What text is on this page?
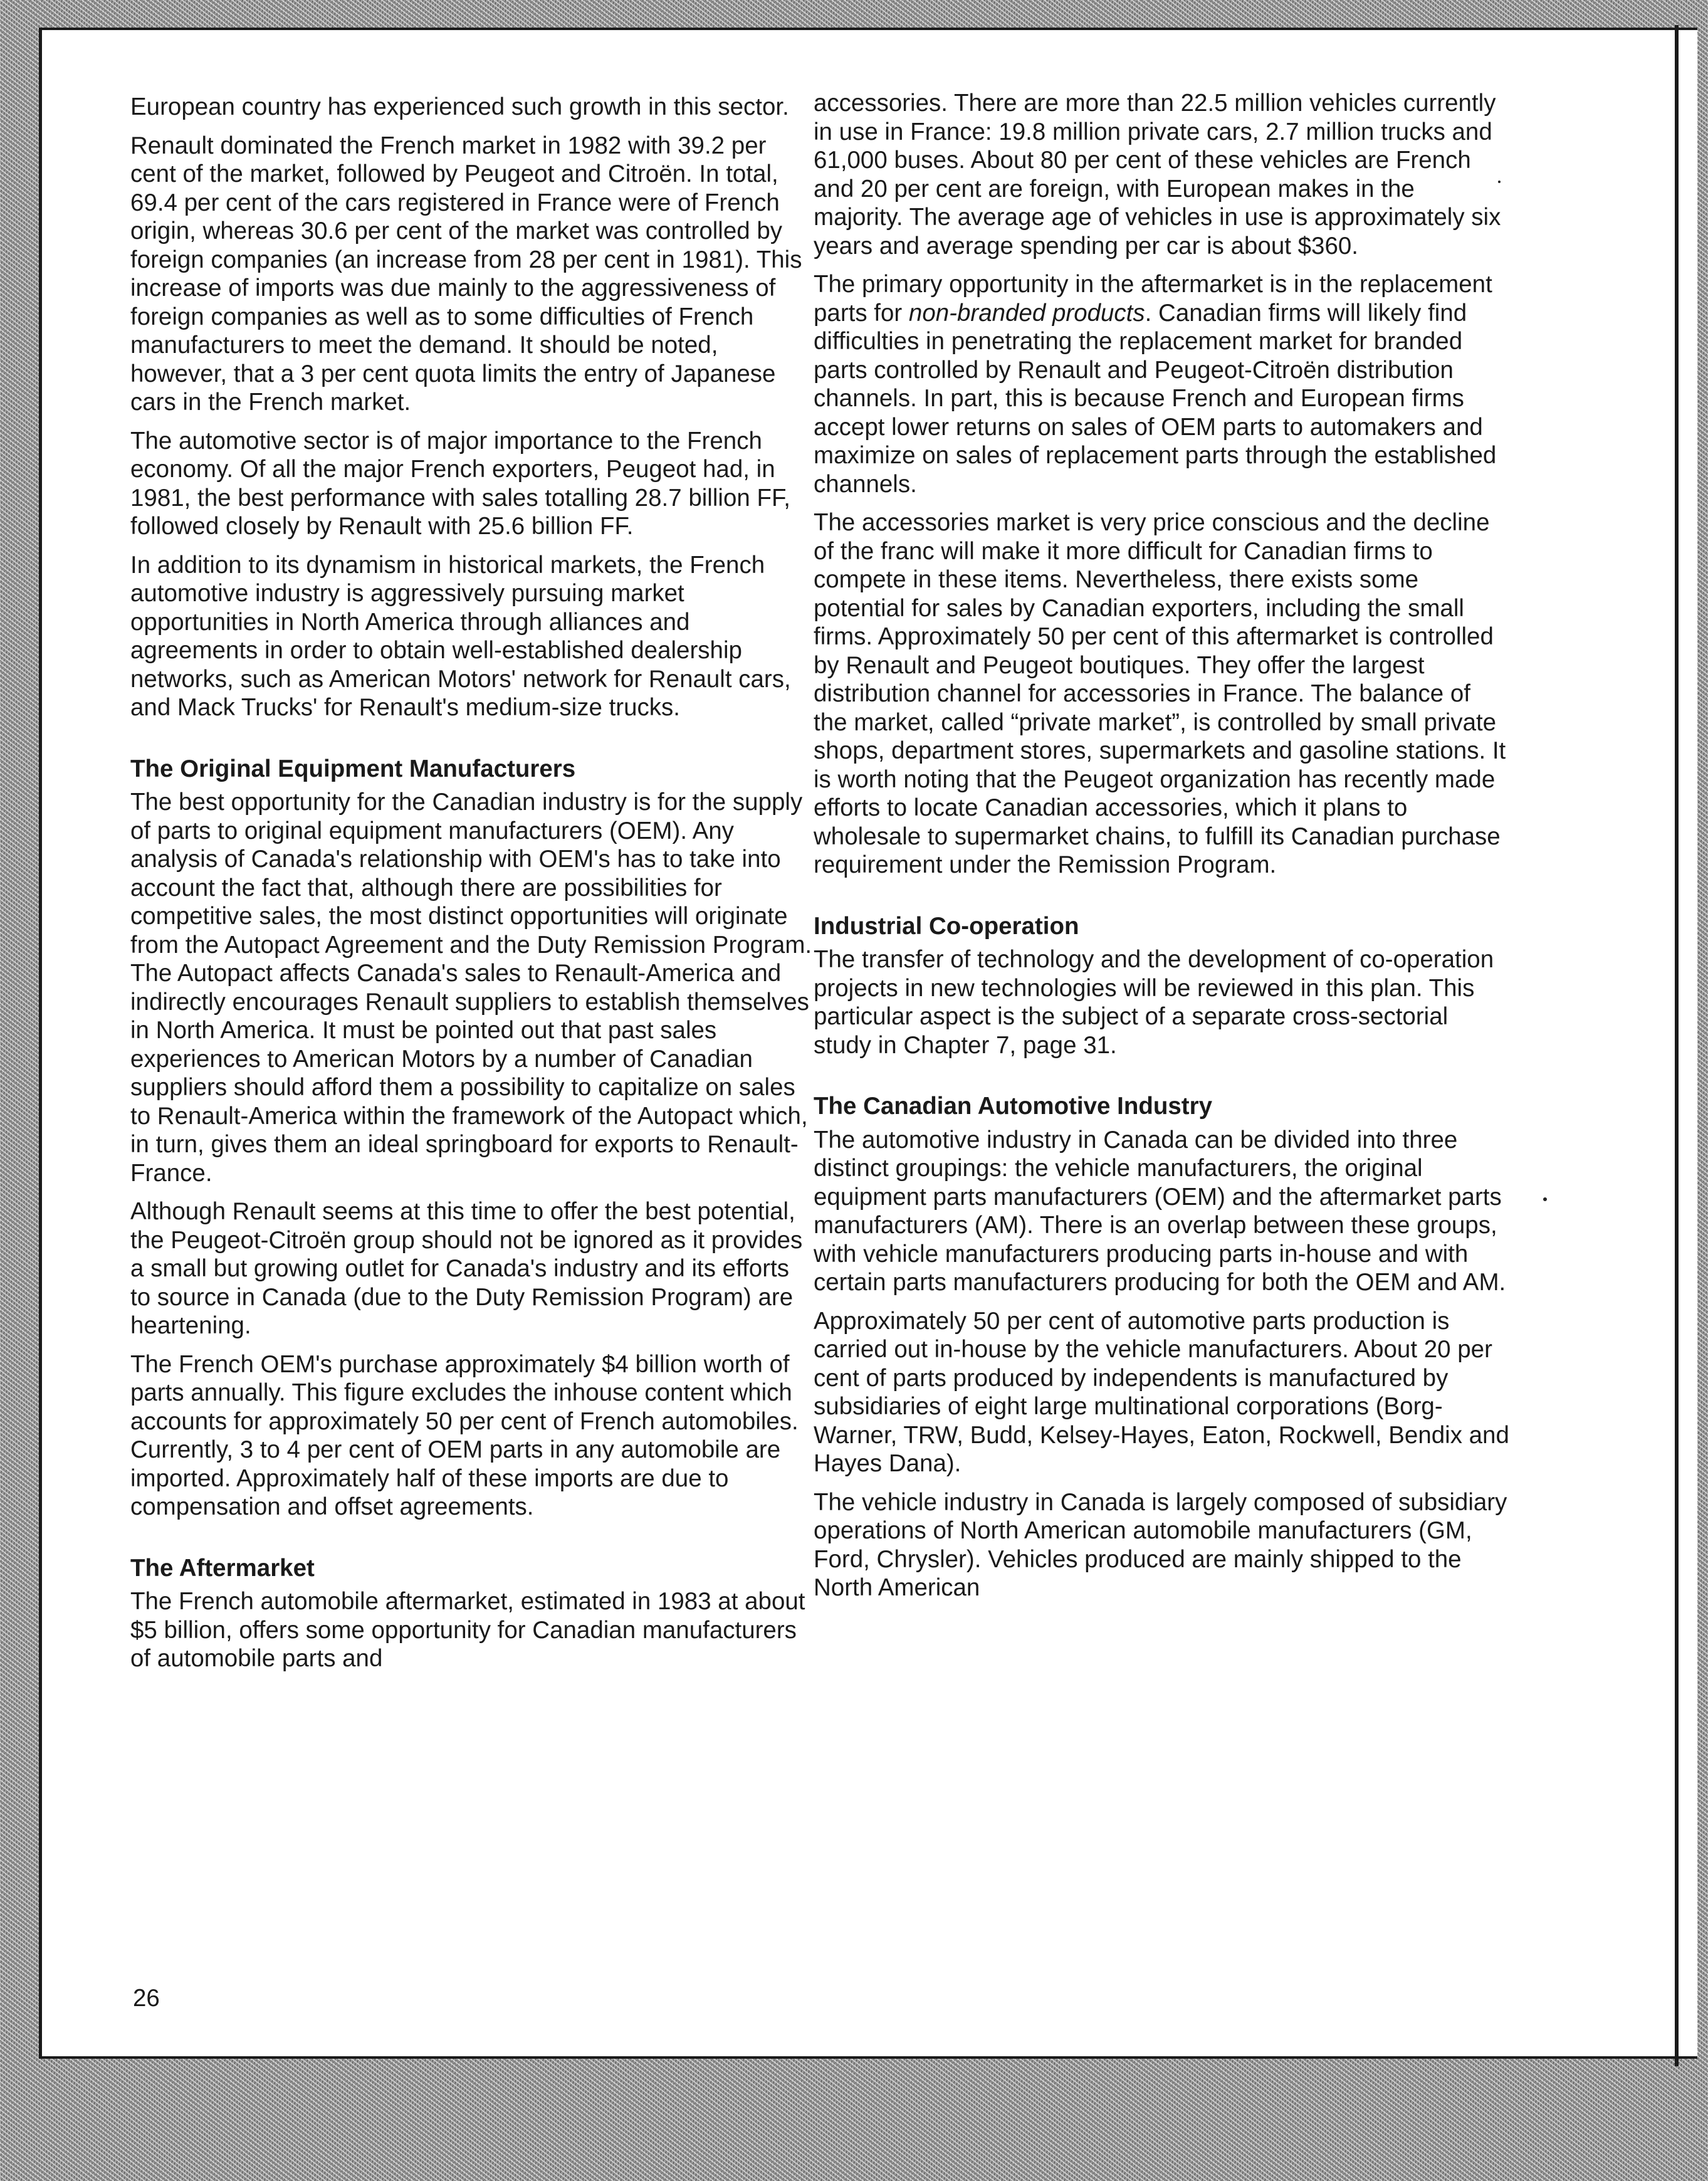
European country has experienced such growth in this sector.

Renault dominated the French market in 1982 with 39.2 per cent of the market, followed by Peugeot and Citroën. In total, 69.4 per cent of the cars registered in France were of French origin, whereas 30.6 per cent of the market was controlled by foreign companies (an increase from 28 per cent in 1981). This increase of imports was due mainly to the aggressiveness of foreign companies as well as to some difficulties of French manufacturers to meet the demand. It should be noted, however, that a 3 per cent quota limits the entry of Japanese cars in the French market.

The automotive sector is of major importance to the French economy. Of all the major French exporters, Peugeot had, in 1981, the best performance with sales totalling 28.7 billion FF, followed closely by Renault with 25.6 billion FF.

In addition to its dynamism in historical markets, the French automotive industry is aggressively pursuing market opportunities in North America through alliances and agreements in order to obtain well-established dealership networks, such as American Motors' network for Renault cars, and Mack Trucks' for Renault's medium-size trucks.

The Original Equipment Manufacturers

The best opportunity for the Canadian industry is for the supply of parts to original equipment manufacturers (OEM). Any analysis of Canada's relationship with OEM's has to take into account the fact that, although there are possibilities for competitive sales, the most distinct opportunities will originate from the Autopact Agreement and the Duty Remission Program. The Autopact affects Canada's sales to Renault-America and indirectly encourages Renault suppliers to establish themselves in North America. It must be pointed out that past sales experiences to American Motors by a number of Canadian suppliers should afford them a possibility to capitalize on sales to Renault-America within the framework of the Autopact which, in turn, gives them an ideal springboard for exports to Renault-France.

Although Renault seems at this time to offer the best potential, the Peugeot-Citroën group should not be ignored as it provides a small but growing outlet for Canada's industry and its efforts to source in Canada (due to the Duty Remission Program) are heartening.

The French OEM's purchase approximately $4 billion worth of parts annually. This figure excludes the inhouse content which accounts for approximately 50 per cent of French automobiles. Currently, 3 to 4 per cent of OEM parts in any automobile are imported. Approximately half of these imports are due to compensation and offset agreements.

The Aftermarket

The French automobile aftermarket, estimated in 1983 at about $5 billion, offers some opportunity for Canadian manufacturers of automobile parts and

accessories. There are more than 22.5 million vehicles currently in use in France: 19.8 million private cars, 2.7 million trucks and 61,000 buses. About 80 per cent of these vehicles are French and 20 per cent are foreign, with European makes in the majority. The average age of vehicles in use is approximately six years and average spending per car is about $360.

The primary opportunity in the aftermarket is in the replacement parts for non-branded products. Canadian firms will likely find difficulties in penetrating the replacement market for branded parts controlled by Renault and Peugeot-Citroën distribution channels. In part, this is because French and European firms accept lower returns on sales of OEM parts to automakers and maximize on sales of replacement parts through the established channels.

The accessories market is very price conscious and the decline of the franc will make it more difficult for Canadian firms to compete in these items. Nevertheless, there exists some potential for sales by Canadian exporters, including the small firms. Approximately 50 per cent of this aftermarket is controlled by Renault and Peugeot boutiques. They offer the largest distribution channel for accessories in France. The balance of the market, called “private market”, is controlled by small private shops, department stores, supermarkets and gasoline stations. It is worth noting that the Peugeot organization has recently made efforts to locate Canadian accessories, which it plans to wholesale to supermarket chains, to fulfill its Canadian purchase requirement under the Remission Program.

Industrial Co-operation

The transfer of technology and the development of co-operation projects in new technologies will be reviewed in this plan. This particular aspect is the subject of a separate cross-sectorial study in Chapter 7, page 31.

The Canadian Automotive Industry

The automotive industry in Canada can be divided into three distinct groupings: the vehicle manufacturers, the original equipment parts manufacturers (OEM) and the aftermarket parts manufacturers (AM). There is an overlap between these groups, with vehicle manufacturers producing parts in-house and with certain parts manufacturers producing for both the OEM and AM.

Approximately 50 per cent of automotive parts production is carried out in-house by the vehicle manufacturers. About 20 per cent of parts produced by independents is manufactured by subsidiaries of eight large multinational corporations (Borg-Warner, TRW, Budd, Kelsey-Hayes, Eaton, Rockwell, Bendix and Hayes Dana).

The vehicle industry in Canada is largely composed of subsidiary operations of North American automobile manufacturers (GM, Ford, Chrysler). Vehicles produced are mainly shipped to the North American

26
